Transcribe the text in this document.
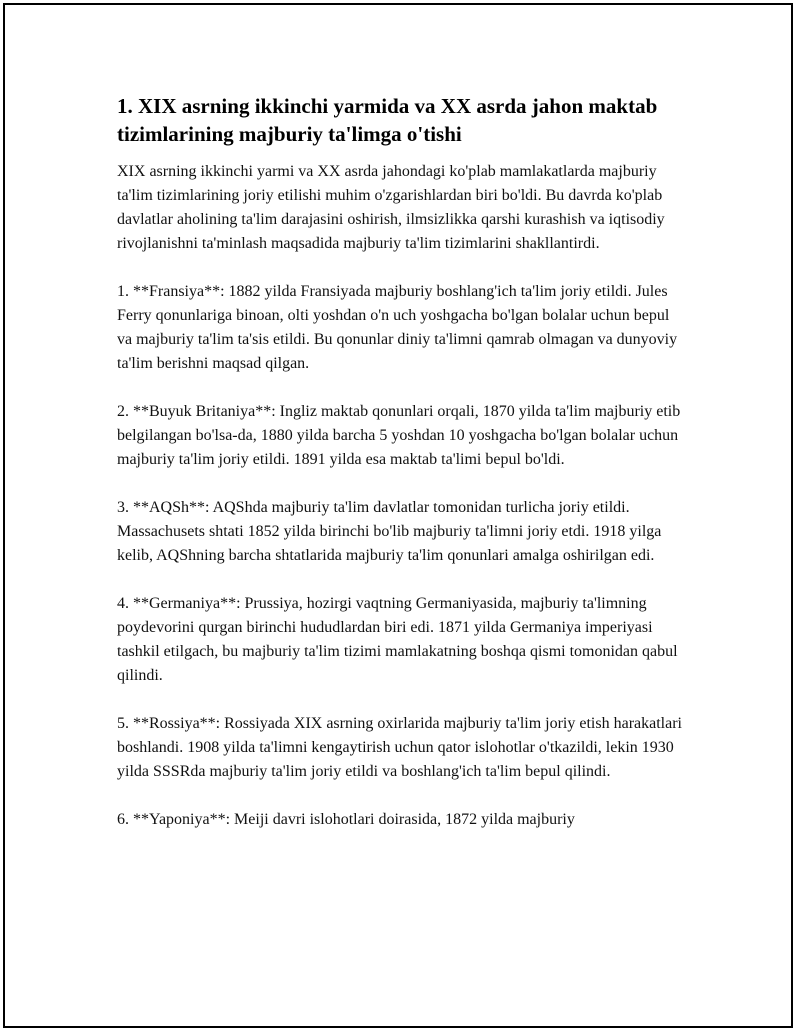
1. XIX asrning ikkinchi yarmida va XX asrda jahon maktab tizimlarining majburiy ta'limga o'tishi

XIX asrning ikkinchi yarmi va XX asrda jahondagi ko'plab mamlakatlarda majburiy ta'lim tizimlarining joriy etilishi muhim o'zgarishlardan biri bo'ldi. Bu davrda ko'plab davlatlar aholining ta'lim darajasini oshirish, ilmsizlikka qarshi kurashish va iqtisodiy rivojlanishni ta'minlash maqsadida majburiy ta'lim tizimlarini shakllantirdi.

1. **Fransiya**: 1882 yilda Fransiyada majburiy boshlang'ich ta'lim joriy etildi. Jules Ferry qonunlariga binoan, olti yoshdan o'n uch yoshgacha bo'lgan bolalar uchun bepul va majburiy ta'lim ta'sis etildi. Bu qonunlar diniy ta'limni qamrab olmagan va dunyoviy ta'lim berishni maqsad qilgan.

2. **Buyuk Britaniya**: Ingliz maktab qonunlari orqali, 1870 yilda ta'lim majburiy etib belgilangan bo'lsa-da, 1880 yilda barcha 5 yoshdan 10 yoshgacha bo'lgan bolalar uchun majburiy ta'lim joriy etildi. 1891 yilda esa maktab ta'limi bepul bo'ldi.

3. **AQSh**: AQShda majburiy ta'lim davlatlar tomonidan turlicha joriy etildi. Massachusets shtati 1852 yilda birinchi bo'lib majburiy ta'limni joriy etdi. 1918 yilga kelib, AQShning barcha shtatlarida majburiy ta'lim qonunlari amalga oshirilgan edi.

4. **Germaniya**: Prussiya, hozirgi vaqtning Germaniyasida, majburiy ta'limning poydevorini qurgan birinchi hududlardan biri edi. 1871 yilda Germaniya imperiyasi tashkil etilgach, bu majburiy ta'lim tizimi mamlakatning boshqa qismi tomonidan qabul qilindi.

5. **Rossiya**: Rossiyada XIX asrning oxirlarida majburiy ta'lim joriy etish harakatlari boshlandi. 1908 yilda ta'limni kengaytirish uchun qator islohotlar o'tkazildi, lekin 1930 yilda SSSRda majburiy ta'lim joriy etildi va boshlang'ich ta'lim bepul qilindi.

6. **Yaponiya**: Meiji davri islohotlari doirasida, 1872 yilda majburiy
